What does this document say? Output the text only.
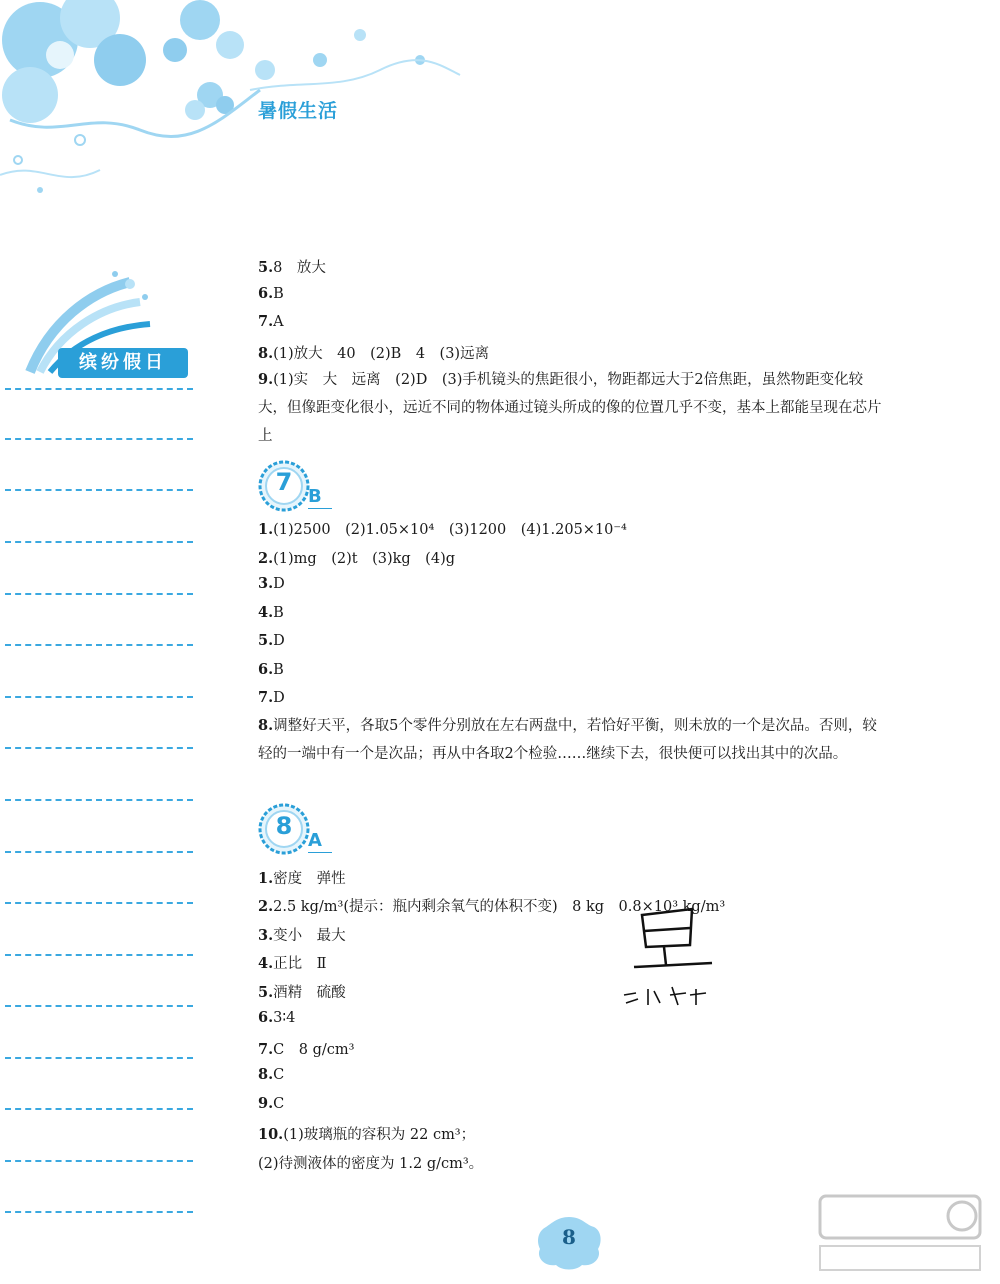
暑假生活
缤纷假日
5.8　放大
6.B
7.A
8.(1)放大　40　(2)B　4　(3)远离
9.(1)实　大　远离　(2)D　(3)手机镜头的焦距很小，物距都远大于2倍焦距，虽然物距变化较大，但像距变化很小，远近不同的物体通过镜头所成的像的位置几乎不变，基本上都能呈现在芯片上
7
B
1.(1)2500　(2)1.05×10⁴　(3)1200　(4)1.205×10⁻⁴
2.(1)mg　(2)t　(3)kg　(4)g
3.D
4.B
5.D
6.B
7.D
8.调整好天平，各取5个零件分别放在左右两盘中，若恰好平衡，则未放的一个是次品。否则，较轻的一端中有一个是次品；再从中各取2个检验……继续下去，很快便可以找出其中的次品。
8
A
1.密度　弹性
2.2.5 kg/m³(提示：瓶内剩余氧气的体积不变)　8 kg　0.8×10³ kg/m³
3.变小　最大
4.正比　Ⅱ
5.酒精　硫酸
6.3∶4
7.C　8 g/cm³
8.C
9.C
10.(1)玻璃瓶的容积为 22 cm³；
(2)待测液体的密度为 1.2 g/cm³。
8
